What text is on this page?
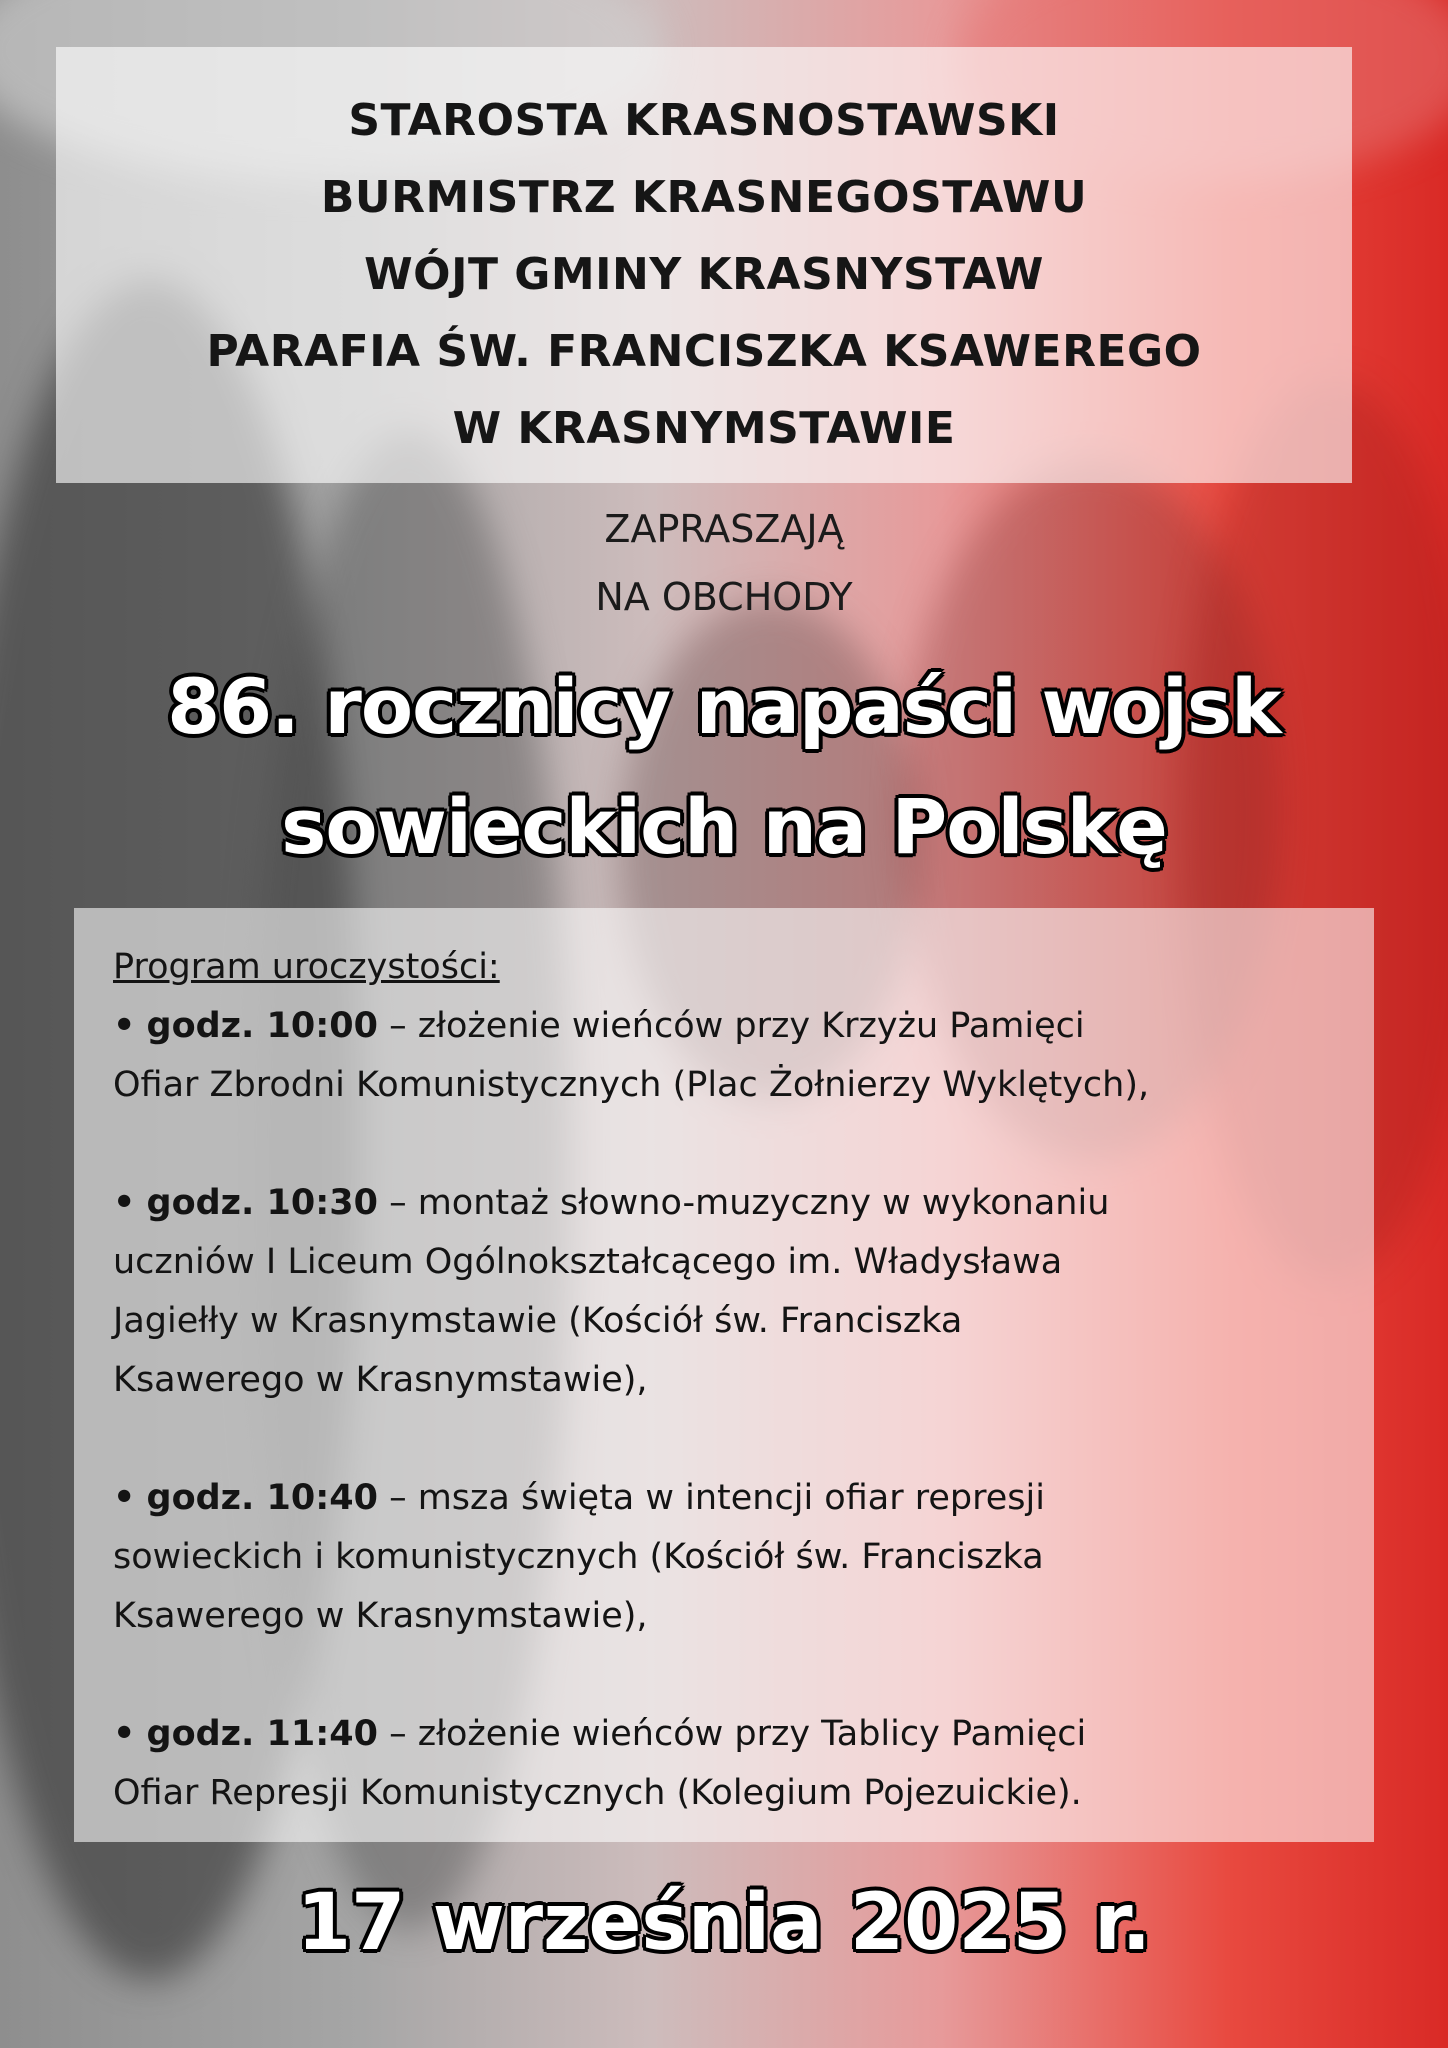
STAROSTA KRASNOSTAWSKI
BURMISTRZ KRASNEGOSTAWU
WÓJT GMINY KRASNYSTAW
PARAFIA ŚW. FRANCISZKA KSAWEREGO
W KRASNYMSTAWIE
ZAPRASZAJĄ
NA OBCHODY
86. rocznicy napaści wojsk
sowieckich na Polskę
Program uroczystości:
• godz. 10:00 – złożenie wieńców przy Krzyżu Pamięci
Ofiar Zbrodni Komunistycznych (Plac Żołnierzy Wyklętych),
• godz. 10:30 – montaż słowno-muzyczny w wykonaniu
uczniów I Liceum Ogólnokształcącego im. Władysława
Jagiełły w Krasnymstawie (Kościół św. Franciszka
Ksawerego w Krasnymstawie),
• godz. 10:40 – msza święta w intencji ofiar represji
sowieckich i komunistycznych (Kościół św. Franciszka
Ksawerego w Krasnymstawie),
• godz. 11:40 – złożenie wieńców przy Tablicy Pamięci
Ofiar Represji Komunistycznych (Kolegium Pojezuickie).
17 września 2025 r.
